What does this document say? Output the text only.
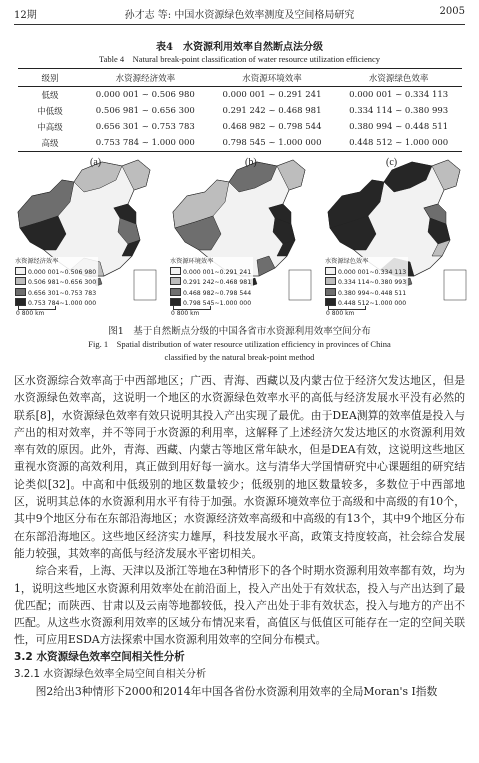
12期	孙才志 等: 中国水资源绿色效率测度及空间格局研究	2005
表4　水资源利用效率自然断点法分级
Table 4　Natural break-point classification of water resource utilization efficiency
级别	水资源经济效率	水资源环境效率	水资源绿色效率
低级	0.000 001 ~ 0.506 980	0.000 001 ~ 0.291 241	0.000 001 ~ 0.334 113
中低级	0.506 981 ~ 0.656 300	0.291 242 ~ 0.468 981	0.334 114 ~ 0.380 993
中高级	0.656 301 ~ 0.753 783	0.468 982 ~ 0.798 544	0.380 994 ~ 0.448 511
高级	0.753 784 ~ 1.000 000	0.798 545 ~ 1.000 000	0.448 512 ~ 1.000 000
(a)
水资源经济效率
0.000 001~0.506 980
0.506 981~0.656 300
0.656 301~0.753 783
0.753 784~1.000 000
0 800 km
(b)
水资源环境效率
0.000 001~0.291 241
0.291 242~0.468 981
0.468 982~0.798 544
0.798 545~1.000 000
0 800 km
(c)
水资源绿色效率
0.000 001~0.334 113
0.334 114~0.380 993
0.380 994~0.448 511
0.448 512~1.000 000
0 800 km
图1　基于自然断点分级的中国各省市水资源利用效率空间分布
Fig. 1　Spatial distribution of water resource utilization efficiency in provinces of China
classified by the natural break-point method

区水资源综合效率高于中西部地区；广西、青海、西藏以及内蒙古位于经济欠发达地区，但是水资源绿色效率高，这说明一个地区的水资源绿色效率水平的高低与经济发展水平没有必然的联系[8]，水资源绿色效率有效只说明其投入产出实现了最优。由于DEA测算的效率值是投入与产出的相对效率，并不等同于水资源的利用率，这解释了上述经济欠发达地区的水资源利用效率有效的原因。此外，青海、西藏、内蒙古等地区常年缺水，但是DEA有效，这说明这些地区重视水资源的高效利用，真正做到用好每一滴水。这与清华大学国情研究中心课题组的研究结论类似[32]。中高和中低级别的地区数量较少；低级别的地区数量较多，多数位于中西部地区，说明其总体的水资源利用水平有待于加强。水资源环境效率位于高级和中高级的有10个，其中9个地区分布在东部沿海地区；水资源经济效率高级和中高级的有13个，其中9个地区分布在东部沿海地区。这些地区经济实力雄厚，科技发展水平高，政策支持度较高，社会综合发展能力较强，其效率的高低与经济发展水平密切相关。

综合来看，上海、天津以及浙江等地在3种情形下的各个时期水资源利用效率都有效，均为1，说明这些地区水资源利用效率处在前沿面上，投入产出处于有效状态，投入与产出达到了最优匹配；而陕西、甘肃以及云南等地都较低，投入产出处于非有效状态，投入与地方的产出不匹配。从这些水资源利用效率的区域分布情况来看，高值区与低值区可能存在一定的空间关联性，可应用ESDA方法探索中国水资源利用效率的空间分布模式。

3.2 水资源绿色效率空间相关性分析

3.2.1 水资源绿色效率全局空间自相关分析

图2给出3种情形下2000和2014年中国各省份水资源利用效率的全局Moran's I指数
